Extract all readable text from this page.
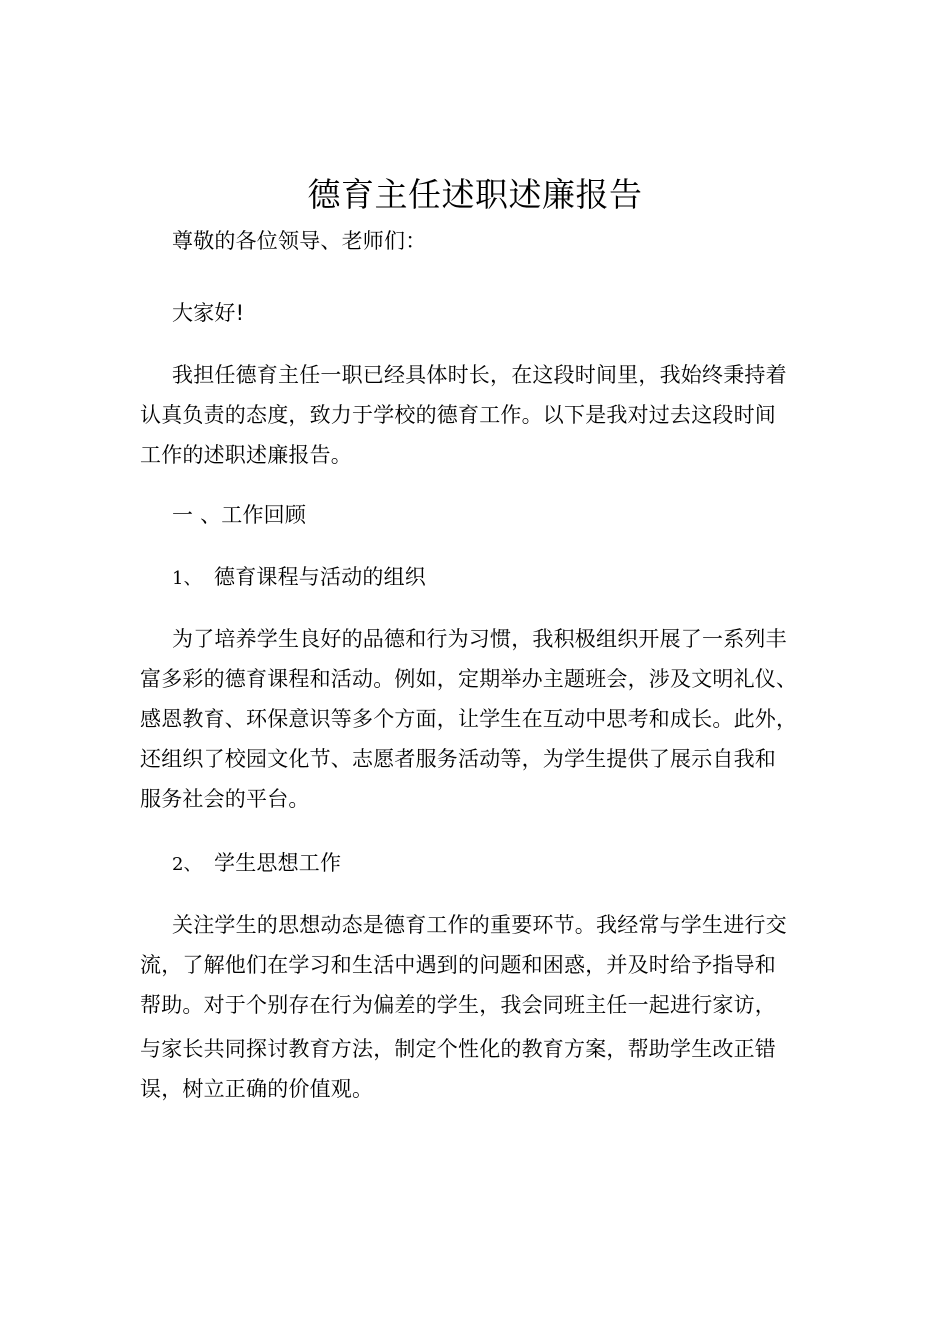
德育主任述职述廉报告
尊敬的各位领导、老师们：
大家好!
我担任德育主任一职已经具体时长，在这段时间里，我始终秉持着
认真负责的态度，致力于学校的德育工作。以下是我对过去这段时间
工作的述职述廉报告。
一 、工作回顾
1、 德育课程与活动的组织
为了培养学生良好的品德和行为习惯，我积极组织开展了一系列丰
富多彩的德育课程和活动。例如，定期举办主题班会，涉及文明礼仪、
感恩教育、环保意识等多个方面，让学生在互动中思考和成长。此外，
还组织了校园文化节、志愿者服务活动等，为学生提供了展示自我和
服务社会的平台。
2、 学生思想工作
关注学生的思想动态是德育工作的重要环节。我经常与学生进行交
流，了解他们在学习和生活中遇到的问题和困惑，并及时给予指导和
帮助。对于个别存在行为偏差的学生，我会同班主任一起进行家访，
与家长共同探讨教育方法，制定个性化的教育方案，帮助学生改正错
误，树立正确的价值观。
